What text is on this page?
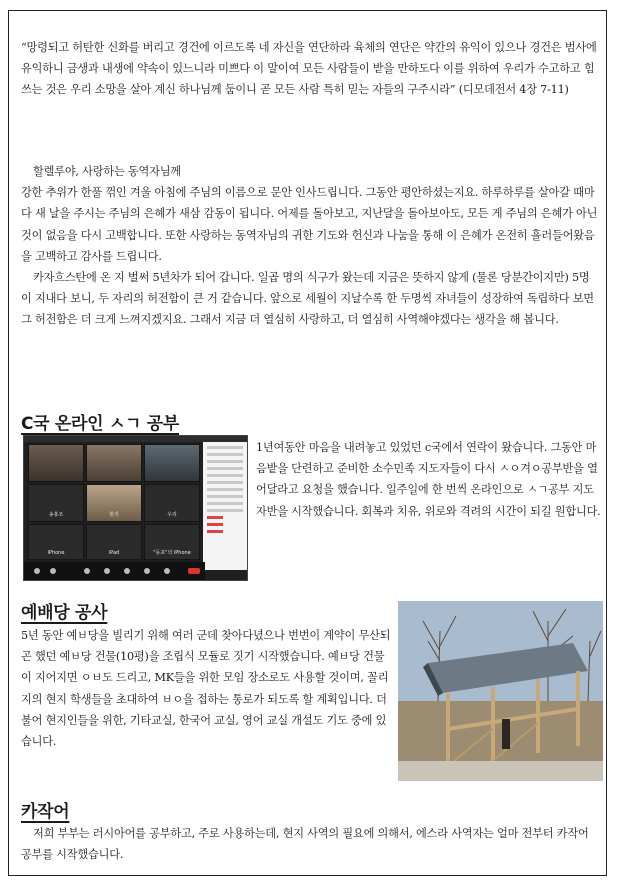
“망령되고 허탄한 신화를 버리고 경건에 이르도록 네 자신을 연단하라 육체의 연단은 약간의 유익이 있으나 경건은 범사에 유익하니 금생과 내생에 약속이 있느니라 미쁘다 이 말이여 모든 사람들이 받을 만하도다 이를 위하여 우리가 수고하고 힘쓰는 것은 우리 소망을 살아 계신 하나님께 둠이니 곧 모든 사람 특히 믿는 자들의 구주시라” (디모데전서 4장 7-11)

할렐루야, 사랑하는 동역자님께

강한 추위가 한풀 꺾인 겨울 아침에 주님의 이름으로 문안 인사드립니다. 그동안 평안하셨는지요. 하루하루를 살아갈 때마다 새 날을 주시는 주님의 은혜가 새삼 감동이 됩니다. 어제를 돌아보고, 지난달을 돌아보아도, 모든 게 주님의 은혜가 아닌 것이 없음을 다시 고백합니다. 또한 사랑하는 동역자님의 귀한 기도와 헌신과 나눔을 통해 이 은혜가 온전히 흘러들어왔음을 고백하고 감사를 드립니다.

카자흐스탄에 온 지 벌써 5년차가 되어 갑니다. 일곱 명의 식구가 왔는데 지금은 뜻하지 않게 (물론 당분간이지만) 5명이 지내다 보니, 두 자리의 허전함이 큰 거 같습니다. 앞으로 세월이 지날수록 한 두명씩 자녀들이 성장하여 독립하다 보면 그 허전함은 더 크게 느껴지겠지요. 그래서 지금 더 열심히 사랑하고, 더 열심히 사역해야겠다는 생각을 해 봅니다.

C국 온라인 ㅅㄱ 공부
송홍조	현지	우리
iPhone	iPad	"동포"의 iPhone

1년여동안 마음을 내려놓고 있었던 c국에서 연락이 왔습니다. 그동안 마음밭을 단련하고 준비한 소수민족 지도자들이 다시 ㅅㅇ겨ㅇ공부반을 열어달라고 요청을 했습니다. 일주일에 한 번씩 온라인으로 ㅅㄱ공부 지도자반을 시작했습니다. 회복과 치유, 위로와 격려의 시간이 되길 원합니다.

예배당 공사

5년 동안 예ㅂ당을 빌리기 위해 여러 군데 찾아다녔으나 번번이 계약이 무산되곤 했던 예ㅂ당 건물(10평)을 조립식 모듈로 짓기 시작했습니다. 예ㅂ당 건물이 지어지면 ㅇㅂ도 드리고, MK들을 위한 모임 장소로도 사용할 것이며, 꼴리지의 현지 학생들을 초대하여 ㅂㅇ을 접하는 통로가 되도록 할 계획입니다. 더불어 현지인들을 위한, 기타교실, 한국어 교실, 영어 교실 개설도 기도 중에 있습니다.

카작어

저희 부부는 러시아어를 공부하고, 주로 사용하는데, 현지 사역의 필요에 의해서, 에스라 사역자는 얼마 전부터 카작어 공부를 시작했습니다.
